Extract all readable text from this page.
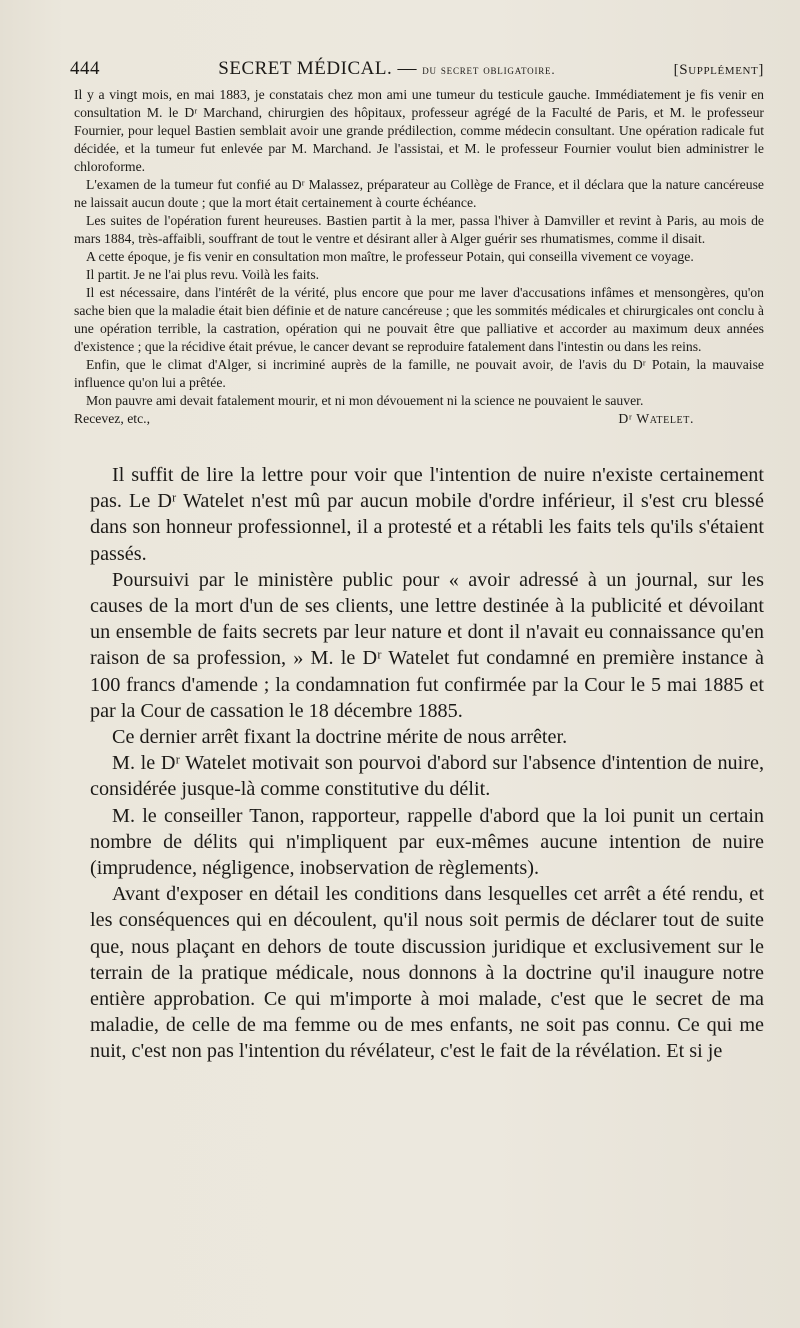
444	SECRET MÉDICAL. — du secret obligatoire.	[Supplément]

Il y a vingt mois, en mai 1883, je constatais chez mon ami une tumeur du testicule gauche. Immédiatement je fis venir en consultation M. le Dʳ Marchand, chirurgien des hôpitaux, professeur agrégé de la Faculté de Paris, et M. le professeur Fournier, pour lequel Bastien semblait avoir une grande prédilection, comme médecin consultant. Une opération radicale fut décidée, et la tumeur fut enlevée par M. Marchand. Je l'assistai, et M. le professeur Fournier voulut bien administrer le chloroforme.

L'examen de la tumeur fut confié au Dʳ Malassez, préparateur au Collège de France, et il déclara que la nature cancéreuse ne laissait aucun doute ; que la mort était certainement à courte échéance.

Les suites de l'opération furent heureuses. Bastien partit à la mer, passa l'hiver à Damviller et revint à Paris, au mois de mars 1884, très-affaibli, souffrant de tout le ventre et désirant aller à Alger guérir ses rhumatismes, comme il disait.

A cette époque, je fis venir en consultation mon maître, le professeur Potain, qui conseilla vivement ce voyage.

Il partit. Je ne l'ai plus revu. Voilà les faits.

Il est nécessaire, dans l'intérêt de la vérité, plus encore que pour me laver d'accusations infâmes et mensongères, qu'on sache bien que la maladie était bien définie et de nature cancéreuse ; que les sommités médicales et chirurgicales ont conclu à une opération terrible, la castration, opération qui ne pouvait être que palliative et accorder au maximum deux années d'existence ; que la récidive était prévue, le cancer devant se reproduire fatalement dans l'intestin ou dans les reins.

Enfin, que le climat d'Alger, si incriminé auprès de la famille, ne pouvait avoir, de l'avis du Dʳ Potain, la mauvaise influence qu'on lui a prêtée.

Mon pauvre ami devait fatalement mourir, et ni mon dévouement ni la science ne pouvaient le sauver.

Recevez, etc.,	Dʳ Watelet.

Il suffit de lire la lettre pour voir que l'intention de nuire n'existe certainement pas. Le Dʳ Watelet n'est mû par aucun mobile d'ordre inférieur, il s'est cru blessé dans son honneur professionnel, il a protesté et a rétabli les faits tels qu'ils s'étaient passés.

Poursuivi par le ministère public pour « avoir adressé à un journal, sur les causes de la mort d'un de ses clients, une lettre destinée à la publicité et dévoilant un ensemble de faits secrets par leur nature et dont il n'avait eu connaissance qu'en raison de sa profession, » M. le Dʳ Watelet fut condamné en première instance à 100 francs d'amende ; la condamnation fut confirmée par la Cour le 5 mai 1885 et par la Cour de cassation le 18 décembre 1885.

Ce dernier arrêt fixant la doctrine mérite de nous arrêter.

M. le Dʳ Watelet motivait son pourvoi d'abord sur l'absence d'intention de nuire, considérée jusque-là comme constitutive du délit.

M. le conseiller Tanon, rapporteur, rappelle d'abord que la loi punit un certain nombre de délits qui n'impliquent par eux-mêmes aucune intention de nuire (imprudence, négligence, inobservation de règlements).

Avant d'exposer en détail les conditions dans lesquelles cet arrêt a été rendu, et les conséquences qui en découlent, qu'il nous soit permis de déclarer tout de suite que, nous plaçant en dehors de toute discussion juridique et exclusivement sur le terrain de la pratique médicale, nous donnons à la doctrine qu'il inaugure notre entière approbation. Ce qui m'importe à moi malade, c'est que le secret de ma maladie, de celle de ma femme ou de mes enfants, ne soit pas connu. Ce qui me nuit, c'est non pas l'intention du révélateur, c'est le fait de la révélation. Et si je
